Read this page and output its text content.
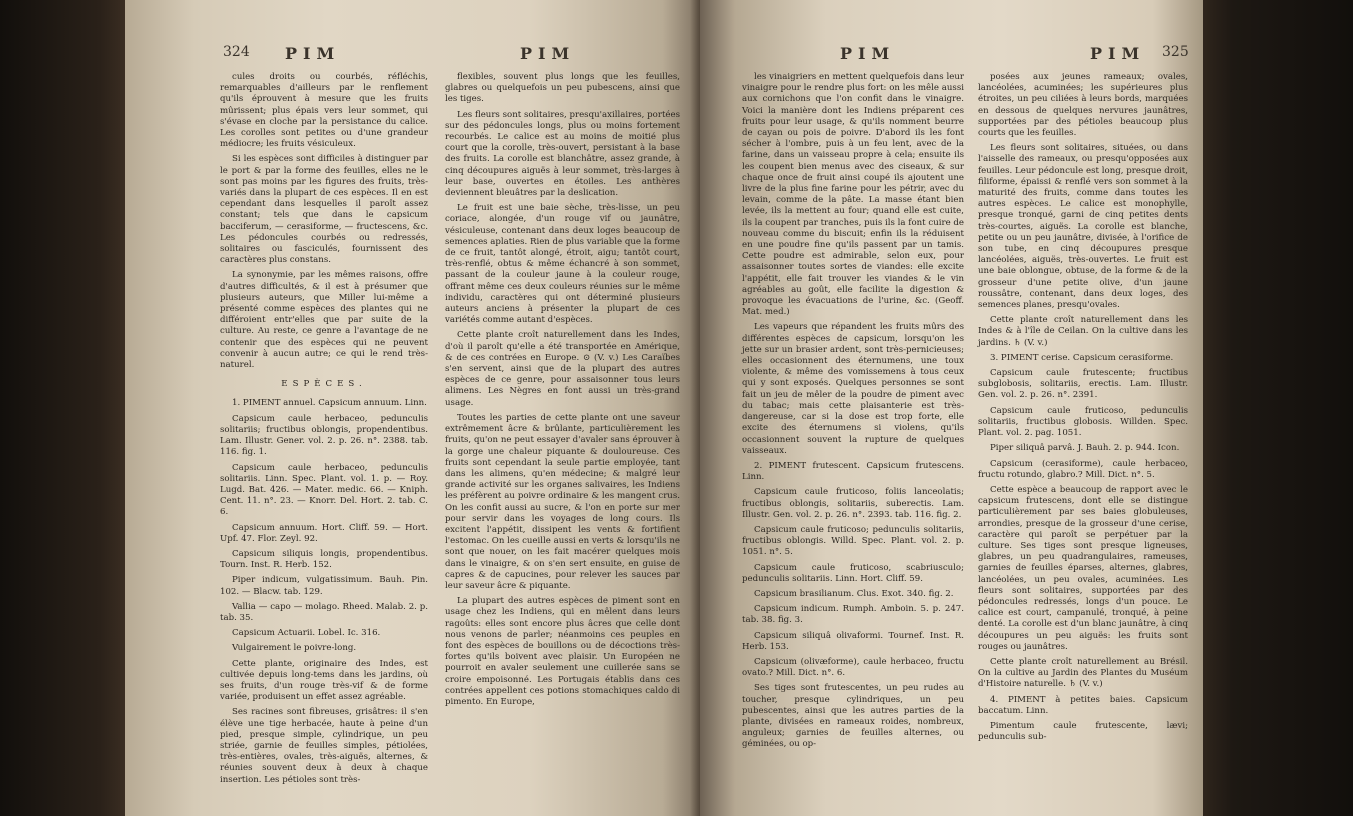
324 PIM	PIM

cules droits ou courbés, réfléchis, remarquables d'ailleurs par le renflement qu'ils éprouvent à mesure que les fruits mûrissent; plus épais vers leur sommet, qui s'évase en cloche par la persistance du calice. Les corolles sont petites ou d'une grandeur médiocre; les fruits vésiculeux.

Si les espèces sont difficiles à distinguer par le port & par la forme des feuilles, elles ne le sont pas moins par les figures des fruits, très-variés dans la plupart de ces espèces. Il en est cependant dans lesquelles il paroît assez constant; tels que dans le capsicum bacciferum, — cerasiforme, — fructescens, &c. Les pédoncules courbés ou redressés, solitaires ou fasciculés, fournissent des caractères plus constans.

La synonymie, par les mêmes raisons, offre d'autres difficultés, & il est à présumer que plusieurs auteurs, que Miller lui-même a présenté comme espèces des plantes qui ne différoient entr'elles que par suite de la culture. Au reste, ce genre a l'avantage de ne contenir que des espèces qui ne peuvent convenir à aucun autre; ce qui le rend très-naturel.

ESPÈCES.

1. PIMENT annuel. Capsicum annuum. Linn.

Capsicum caule herbaceo, pedunculis solitariis; fructibus oblongis, propendentibus. Lam. Illustr. Gener. vol. 2. p. 26. n°. 2388. tab. 116. fig. 1.

Capsicum caule herbaceo, pedunculis solitariis. Linn. Spec. Plant. vol. 1. p. — Roy. Lugd. Bat. 426. — Mater. medic. 66. — Kniph. Cent. 11. n°. 23. — Knorr. Del. Hort. 2. tab. C. 6.

Capsicum annuum. Hort. Cliff. 59. — Hort. Upf. 47. Flor. Zeyl. 92.

Capsicum siliquis longis, propendentibus. Tourn. Inst. R. Herb. 152.

Piper indicum, vulgatissimum. Bauh. Pin. 102. — Blacw. tab. 129.

Vallia — capo — molago. Rheed. Malab. 2. p. tab. 35.

Capsicum Actuarii. Lobel. Ic. 316.

Vulgairement le poivre-long.

Cette plante, originaire des Indes, est cultivée depuis long-tems dans les jardins, où ses fruits, d'un rouge très-vif & de forme variée, produisent un effet assez agréable.

Ses racines sont fibreuses, grisâtres: il s'en élève une tige herbacée, haute à peine d'un pied, presque simple, cylindrique, un peu striée, garnie de feuilles simples, pétiolées, très-entières, ovales, très-aiguës, alternes, & réunies souvent deux à deux à chaque insertion. Les pétioles sont très-

flexibles, souvent plus longs que les feuilles, glabres ou quelquefois un peu pubescens, ainsi que les tiges.

Les fleurs sont solitaires, presqu'axillaires, portées sur des pédoncules longs, plus ou moins fortement recourbés. Le calice est au moins de moitié plus court que la corolle, très-ouvert, persistant à la base des fruits. La corolle est blanchâtre, assez grande, à cinq découpures aiguës à leur sommet, très-larges à leur base, ouvertes en étoiles. Les anthères deviennent bleuâtres par la deslication.

Le fruit est une baie sèche, très-lisse, un peu coriace, alongée, d'un rouge vif ou jaunâtre, vésiculeuse, contenant dans deux loges beaucoup de semences aplaties. Rien de plus variable que la forme de ce fruit, tantôt alongé, étroit, aigu; tantôt court, très-renflé, obtus & même échancré à son sommet, passant de la couleur jaune à la couleur rouge, offrant même ces deux couleurs réunies sur le même individu, caractères qui ont déterminé plusieurs auteurs anciens à présenter la plupart de ces variétés comme autant d'espèces.

Cette plante croît naturellement dans les Indes, d'où il paroît qu'elle a été transportée en Amérique, & de ces contrées en Europe. ⊙ (V. v.) Les Caraïbes s'en servent, ainsi que de la plupart des autres espèces de ce genre, pour assaisonner tous leurs alimens. Les Nègres en font aussi un très-grand usage.

Toutes les parties de cette plante ont une saveur extrêmement âcre & brûlante, particulièrement les fruits, qu'on ne peut essayer d'avaler sans éprouver à la gorge une chaleur piquante & douloureuse. Ces fruits sont cependant la seule partie employée, tant dans les alimens, qu'en médecine; & malgré leur grande activité sur les organes salivaires, les Indiens les préfèrent au poivre ordinaire & les mangent crus. On les confit aussi au sucre, & l'on en porte sur mer pour servir dans les voyages de long cours. Ils excitent l'appétit, dissipent les vents & fortifient l'estomac. On les cueille aussi en verts & lorsqu'ils ne sont que nouer, on les fait macérer quelques mois dans le vinaigre, & on s'en sert ensuite, en guise de capres & de capucines, pour relever les sauces par leur saveur âcre & piquante.

La plupart des autres espèces de piment sont en usage chez les Indiens, qui en mêlent dans leurs ragoûts: elles sont encore plus âcres que celle dont nous venons de parler; néanmoins ces peuples en font des espèces de bouillons ou de décoctions très-fortes qu'ils boivent avec plaisir. Un Européen ne pourroit en avaler seulement une cuillerée sans se croire empoisonné. Les Portugais établis dans ces contrées appellent ces potions stomachiques caldo di pimento. En Europe,

PIM	PIM 325

les vinaigriers en mettent quelquefois dans leur vinaigre pour le rendre plus fort: on les mêle aussi aux cornichons que l'on confit dans le vinaigre. Voici la manière dont les Indiens préparent ces fruits pour leur usage, & qu'ils nomment beurre de cayan ou pois de poivre. D'abord ils les font sécher à l'ombre, puis à un feu lent, avec de la farine, dans un vaisseau propre à cela; ensuite ils les coupent bien menus avec des ciseaux, & sur chaque once de fruit ainsi coupé ils ajoutent une livre de la plus fine farine pour les pétrir, avec du levain, comme de la pâte. La masse étant bien levée, ils la mettent au four; quand elle est cuite, ils la coupent par tranches, puis ils la font cuire de nouveau comme du biscuit; enfin ils la réduisent en une poudre fine qu'ils passent par un tamis. Cette poudre est admirable, selon eux, pour assaisonner toutes sortes de viandes: elle excite l'appétit, elle fait trouver les viandes & le vin agréables au goût, elle facilite la digestion & provoque les évacuations de l'urine, &c. (Geoff. Mat. med.)

Les vapeurs que répandent les fruits mûrs des différentes espèces de capsicum, lorsqu'on les jette sur un brasier ardent, sont très-pernicieuses; elles occasionnent des éternumens, une toux violente, & même des vomissemens à tous ceux qui y sont exposés. Quelques personnes se sont fait un jeu de mêler de la poudre de piment avec du tabac; mais cette plaisanterie est très-dangereuse, car si la dose est trop forte, elle excite des éternumens si violens, qu'ils occasionnent souvent la rupture de quelques vaisseaux.

2. PIMENT frutescent. Capsicum frutescens. Linn.

Capsicum caule fruticoso, foliis lanceolatis; fructibus oblongis, solitariis, suberectis. Lam. Illustr. Gen. vol. 2. p. 26. n°. 2393. tab. 116. fig. 2.

Capsicum caule fruticoso; pedunculis solitariis, fructibus oblongis. Willd. Spec. Plant. vol. 2. p. 1051. n°. 5.

Capsicum caule fruticoso, scabriusculo; pedunculis solitariis. Linn. Hort. Cliff. 59.

Capsicum brasilianum. Clus. Exot. 340. fig. 2.

Capsicum indicum. Rumph. Amboin. 5. p. 247. tab. 38. fig. 3.

Capsicum siliquâ olivaformi. Tournef. Inst. R. Herb. 153.

Capsicum (olivæforme), caule herbaceo, fructu ovato.? Mill. Dict. n°. 6.

Ses tiges sont frutescentes, un peu rudes au toucher, presque cylindriques, un peu pubescentes, ainsi que les autres parties de la plante, divisées en rameaux roides, nombreux, anguleux; garnies de feuilles alternes, ou géminées, ou op-

posées aux jeunes rameaux; ovales, lancéolées, acuminées; les supérieures plus étroites, un peu ciliées à leurs bords, marquées en dessous de quelques nervures jaunâtres, supportées par des pétioles beaucoup plus courts que les feuilles.

Les fleurs sont solitaires, situées, ou dans l'aisselle des rameaux, ou presqu'opposées aux feuilles. Leur pédoncule est long, presque droit, filiforme, épaissi & renflé vers son sommet à la maturité des fruits, comme dans toutes les autres espèces. Le calice est monophylle, presque tronqué, garni de cinq petites dents très-courtes, aiguës. La corolle est blanche, petite ou un peu jaunâtre, divisée, à l'orifice de son tube, en cinq découpures presque lancéolées, aiguës, très-ouvertes. Le fruit est une baie oblongue, obtuse, de la forme & de la grosseur d'une petite olive, d'un jaune roussâtre, contenant, dans deux loges, des semences planes, presqu'ovales.

Cette plante croît naturellement dans les Indes & à l'île de Ceilan. On la cultive dans les jardins. ♄ (V. v.)

3. PIMENT cerise. Capsicum cerasiforme.

Capsicum caule frutescente; fructibus subglobosis, solitariis, erectis. Lam. Illustr. Gen. vol. 2. p. 26. n°. 2391.

Capsicum caule fruticoso, pedunculis solitariis, fructibus globosis. Willden. Spec. Plant. vol. 2. pag. 1051.

Piper siliquâ parvâ. J. Bauh. 2. p. 944. Icon.

Capsicum (cerasiforme), caule herbaceo, fructu rotundo, glabro.? Mill. Dict. n°. 5.

Cette espèce a beaucoup de rapport avec le capsicum frutescens, dont elle se distingue particulièrement par ses baies globuleuses, arrondies, presque de la grosseur d'une cerise, caractère qui paroît se perpétuer par la culture. Ses tiges sont presque ligneuses, glabres, un peu quadrangulaires, rameuses, garnies de feuilles éparses, alternes, glabres, lancéolées, un peu ovales, acuminées. Les fleurs sont solitaires, supportées par des pédoncules redressés, longs d'un pouce. Le calice est court, campanulé, tronqué, à peine denté. La corolle est d'un blanc jaunâtre, à cinq découpures un peu aiguës: les fruits sont rouges ou jaunâtres.

Cette plante croît naturellement au Brésil. On la cultive au Jardin des Plantes du Muséum d'Histoire naturelle. ♄ (V. v.)

4. PIMENT à petites baies. Capsicum baccatum. Linn.

Pimentum caule frutescente, lævi; pedunculis sub-
